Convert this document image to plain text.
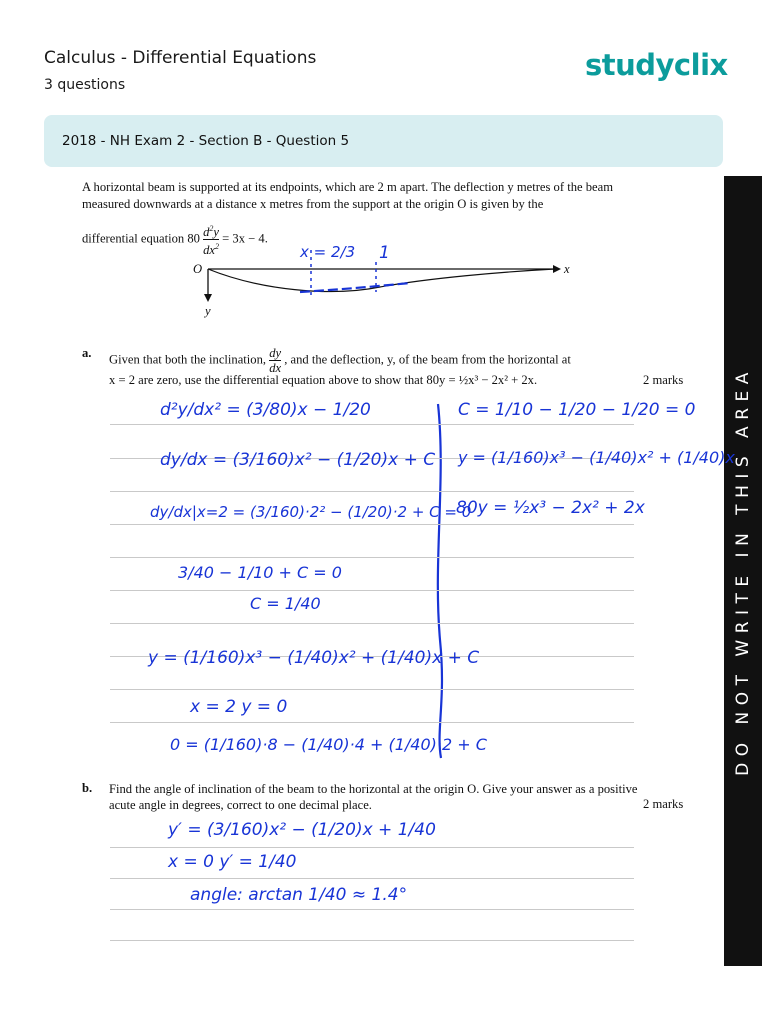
Calculus - Differential Equations
3 questions
studyclix
2018 - NH Exam 2 - Section B - Question 5
DO NOT WRITE IN THIS AREA
A horizontal beam is supported at its endpoints, which are 2 m apart. The deflection y metres of the beam measured downwards at a distance x metres from the support at the origin O is given by the
differential equation $80 \frac{d^2y}{dx^2} = 3x - 4$.
O	x
y
x = 2/3 1
a. Given that both the inclination, $\frac{dy}{dx}$ , and the deflection, y, of the beam from the horizontal at
x = 2 are zero, use the differential equation above to show that 80y = ½x³ − 2x² + 2x.	2 marks
d²y/dx² = (3/80)x − 1/20
dy/dx = (3/160)x² − (1/20)x + C
dy/dx|x=2 = (3/160)·2² − (1/20)·2 + C = 0
3/40 − 1/10 + C = 0
C = 1/40
y = (1/160)x³ − (1/40)x² + (1/40)x + C
x = 2 y = 0
0 = (1/160)·8 − (1/40)·4 + (1/40)·2 + C
C = 1/10 − 1/20 − 1/20 = 0
y = (1/160)x³ − (1/40)x² + (1/40)x
80y = ½x³ − 2x² + 2x
b. Find the angle of inclination of the beam to the horizontal at the origin O. Give your answer as a positive acute angle in degrees, correct to one decimal place.	2 marks
y′ = (3/160)x² − (1/20)x + 1/40
x = 0 y′ = 1/40
angle: arctan 1/40 ≈ 1.4°
